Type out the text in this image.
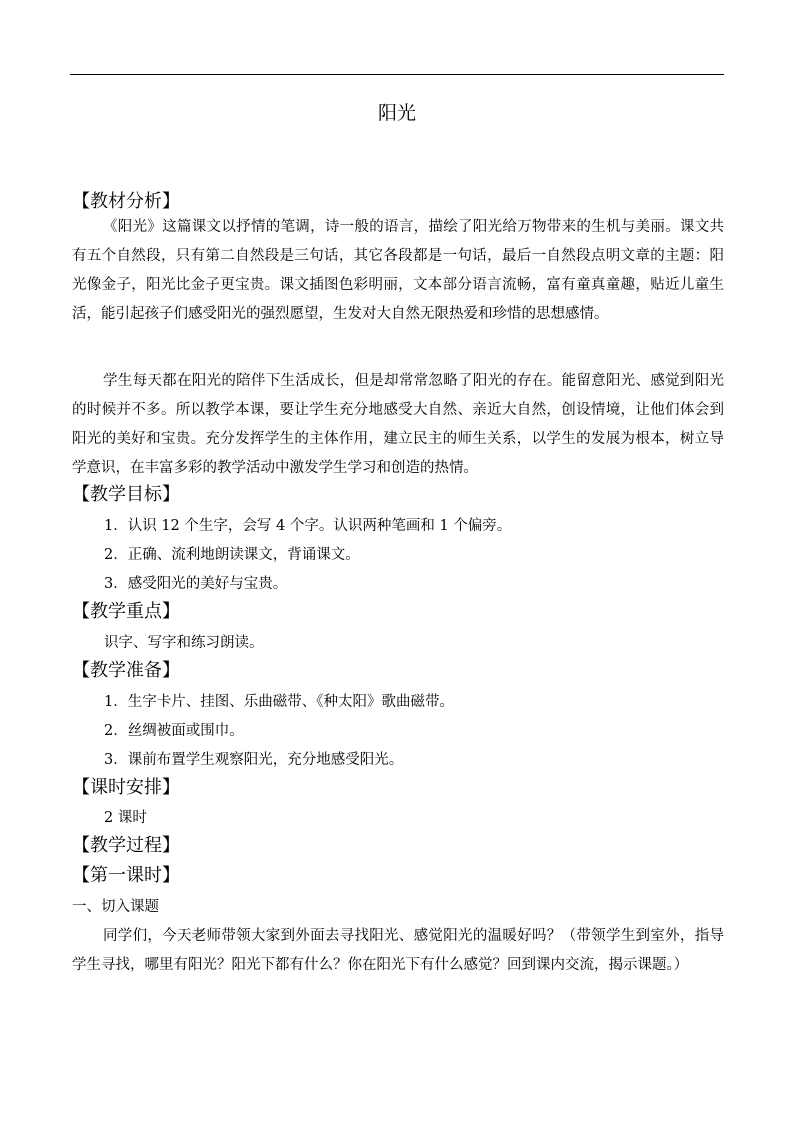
阳光
【教材分析】
《阳光》这篇课文以抒情的笔调，诗一般的语言，描绘了阳光给万物带来的生机与美丽。课文共有五个自然段，只有第二自然段是三句话，其它各段都是一句话，最后一自然段点明文章的主题：阳光像金子，阳光比金子更宝贵。课文插图色彩明丽，文本部分语言流畅，富有童真童趣，贴近儿童生活，能引起孩子们感受阳光的强烈愿望，生发对大自然无限热爱和珍惜的思想感情。
学生每天都在阳光的陪伴下生活成长，但是却常常忽略了阳光的存在。能留意阳光、感觉到阳光的时候并不多。所以教学本课，要让学生充分地感受大自然、亲近大自然，创设情境，让他们体会到阳光的美好和宝贵。充分发挥学生的主体作用，建立民主的师生关系，以学生的发展为根本，树立导学意识，在丰富多彩的教学活动中激发学生学习和创造的热情。
【教学目标】
1．认识 12 个生字，会写 4 个字。认识两种笔画和 1 个偏旁。
2．正确、流利地朗读课文，背诵课文。
3．感受阳光的美好与宝贵。
【教学重点】
识字、写字和练习朗读。
【教学准备】
1．生字卡片、挂图、乐曲磁带、《种太阳》歌曲磁带。
2．丝绸被面或围巾。
3．课前布置学生观察阳光，充分地感受阳光。
【课时安排】
2 课时
【教学过程】
【第一课时】
一、切入课题
同学们，今天老师带领大家到外面去寻找阳光、感觉阳光的温暖好吗？（带领学生到室外，指导学生寻找，哪里有阳光？阳光下都有什么？你在阳光下有什么感觉？回到课内交流，揭示课题。）
